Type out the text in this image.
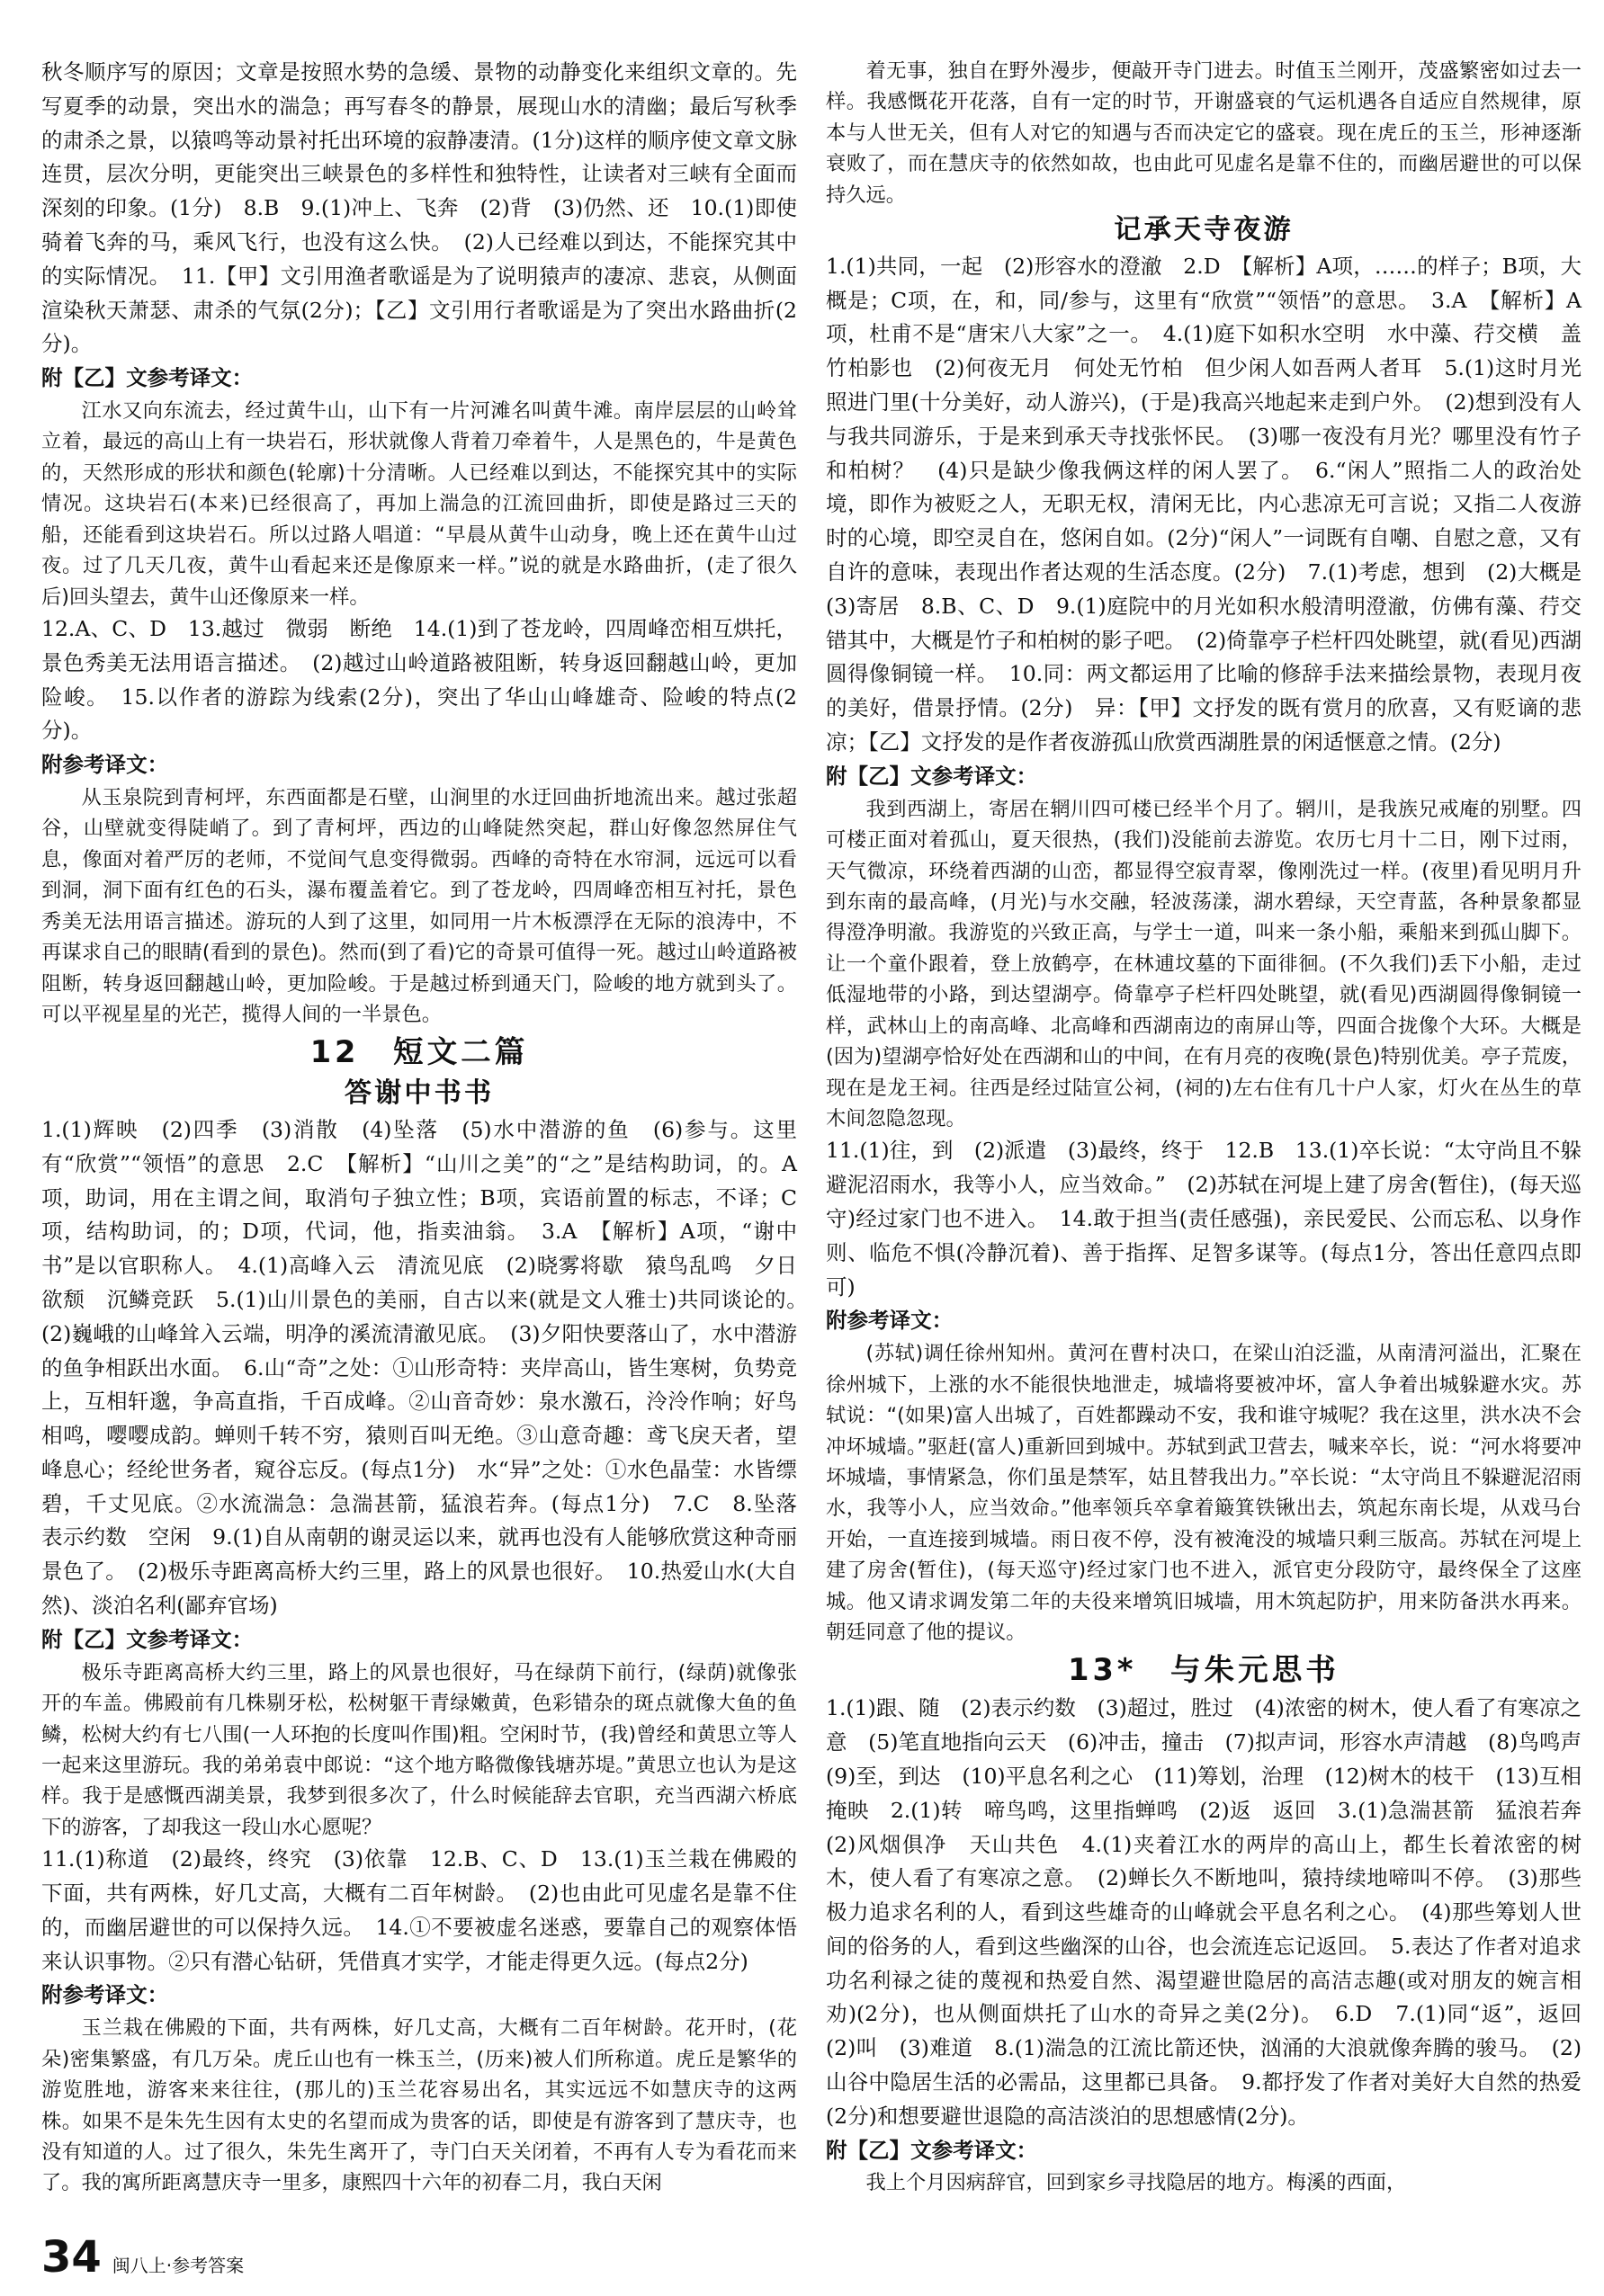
秋冬顺序写的原因；文章是按照水势的急缓、景物的动静变化来组织文章的。先写夏季的动景，突出水的湍急；再写春冬的静景，展现山水的清幽；最后写秋季的肃杀之景，以猿鸣等动景衬托出环境的寂静凄清。(1分)这样的顺序使文章文脉连贯，层次分明，更能突出三峡景色的多样性和独特性，让读者对三峡有全面而深刻的印象。(1分)　8.B　9.(1)冲上、飞奔　(2)背　(3)仍然、还　10.(1)即使骑着飞奔的马，乘风飞行，也没有这么快。　(2)人已经难以到达，不能探究其中的实际情况。　11.【甲】文引用渔者歌谣是为了说明猿声的凄凉、悲哀，从侧面渲染秋天萧瑟、肃杀的气氛(2分)；【乙】文引用行者歌谣是为了突出水路曲折(2分)。

附【乙】文参考译文：

江水又向东流去，经过黄牛山，山下有一片河滩名叫黄牛滩。南岸层层的山岭耸立着，最远的高山上有一块岩石，形状就像人背着刀牵着牛，人是黑色的，牛是黄色的，天然形成的形状和颜色(轮廓)十分清晰。人已经难以到达，不能探究其中的实际情况。这块岩石(本来)已经很高了，再加上湍急的江流回曲折，即使是路过三天的船，还能看到这块岩石。所以过路人唱道：“早晨从黄牛山动身，晚上还在黄牛山过夜。过了几天几夜，黄牛山看起来还是像原来一样。”说的就是水路曲折，(走了很久后)回头望去，黄牛山还像原来一样。

12.A、C、D　13.越过　微弱　断绝　14.(1)到了苍龙岭，四周峰峦相互烘托，景色秀美无法用语言描述。　(2)越过山岭道路被阻断，转身返回翻越山岭，更加险峻。　15.以作者的游踪为线索(2分)，突出了华山山峰雄奇、险峻的特点(2分)。

附参考译文：

从玉泉院到青柯坪，东西面都是石壁，山涧里的水迂回曲折地流出来。越过张超谷，山壁就变得陡峭了。到了青柯坪，西边的山峰陡然突起，群山好像忽然屏住气息，像面对着严厉的老师，不觉间气息变得微弱。西峰的奇特在水帘洞，远远可以看到洞，洞下面有红色的石头，瀑布覆盖着它。到了苍龙岭，四周峰峦相互衬托，景色秀美无法用语言描述。游玩的人到了这里，如同用一片木板漂浮在无际的浪涛中，不再谋求自己的眼睛(看到的景色)。然而(到了看)它的奇景可值得一死。越过山岭道路被阻断，转身返回翻越山岭，更加险峻。于是越过桥到通天门，险峻的地方就到头了。可以平视星星的光芒，揽得人间的一半景色。

12　短文二篇

答谢中书书

1.(1)辉映　(2)四季　(3)消散　(4)坠落　(5)水中潜游的鱼　(6)参与。这里有“欣赏”“领悟”的意思　2.C　【解析】“山川之美”的“之”是结构助词，的。A项，助词，用在主谓之间，取消句子独立性；B项，宾语前置的标志，不译；C项，结构助词，的；D项，代词，他，指卖油翁。　3.A　【解析】A项，“谢中书”是以官职称人。　4.(1)高峰入云　清流见底　(2)晓雾将歇　猿鸟乱鸣　夕日欲颓　沉鳞竞跃　5.(1)山川景色的美丽，自古以来(就是文人雅士)共同谈论的。　(2)巍峨的山峰耸入云端，明净的溪流清澈见底。　(3)夕阳快要落山了，水中潜游的鱼争相跃出水面。　6.山“奇”之处：①山形奇特：夹岸高山，皆生寒树，负势竞上，互相轩邈，争高直指，千百成峰。②山音奇妙：泉水激石，泠泠作响；好鸟相鸣，嘤嘤成韵。蝉则千转不穷，猿则百叫无绝。③山意奇趣：鸢飞戾天者，望峰息心；经纶世务者，窥谷忘反。(每点1分)　水“异”之处：①水色晶莹：水皆缥碧，千丈见底。②水流湍急：急湍甚箭，猛浪若奔。(每点1分)　7.C　8.坠落　表示约数　空闲　9.(1)自从南朝的谢灵运以来，就再也没有人能够欣赏这种奇丽景色了。　(2)极乐寺距离高桥大约三里，路上的风景也很好。　10.热爱山水(大自然)、淡泊名利(鄙弃官场)

附【乙】文参考译文：

极乐寺距离高桥大约三里，路上的风景也很好，马在绿荫下前行，(绿荫)就像张开的车盖。佛殿前有几株剔牙松，松树躯干青绿嫩黄，色彩错杂的斑点就像大鱼的鱼鳞，松树大约有七八围(一人环抱的长度叫作围)粗。空闲时节，(我)曾经和黄思立等人一起来这里游玩。我的弟弟袁中郎说：“这个地方略微像钱塘苏堤。”黄思立也认为是这样。我于是感慨西湖美景，我梦到很多次了，什么时候能辞去官职，充当西湖六桥底下的游客，了却我这一段山水心愿呢？

11.(1)称道　(2)最终，终究　(3)依靠　12.B、C、D　13.(1)玉兰栽在佛殿的下面，共有两株，好几丈高，大概有二百年树龄。　(2)也由此可见虚名是靠不住的，而幽居避世的可以保持久远。　14.①不要被虚名迷惑，要靠自己的观察体悟来认识事物。②只有潜心钻研，凭借真才实学，才能走得更久远。(每点2分)

附参考译文：

玉兰栽在佛殿的下面，共有两株，好几丈高，大概有二百年树龄。花开时，(花朵)密集繁盛，有几万朵。虎丘山也有一株玉兰，(历来)被人们所称道。虎丘是繁华的游览胜地，游客来来往往，(那儿的)玉兰花容易出名，其实远远不如慧庆寺的这两株。如果不是朱先生因有太史的名望而成为贵客的话，即使是有游客到了慧庆寺，也没有知道的人。过了很久，朱先生离开了，寺门白天关闭着，不再有人专为看花而来了。我的寓所距离慧庆寺一里多，康熙四十六年的初春二月，我白天闲

着无事，独自在野外漫步，便敲开寺门进去。时值玉兰刚开，茂盛繁密如过去一样。我感慨花开花落，自有一定的时节，开谢盛衰的气运机遇各自适应自然规律，原本与人世无关，但有人对它的知遇与否而决定它的盛衰。现在虎丘的玉兰，形神逐渐衰败了，而在慧庆寺的依然如故，也由此可见虚名是靠不住的，而幽居避世的可以保持久远。

记承天寺夜游

1.(1)共同，一起　(2)形容水的澄澈　2.D　【解析】A项，……的样子；B项，大概是；C项，在，和，同/参与，这里有“欣赏”“领悟”的意思。　3.A　【解析】A项，杜甫不是“唐宋八大家”之一。　4.(1)庭下如积水空明　水中藻、荇交横　盖竹柏影也　(2)何夜无月　何处无竹柏　但少闲人如吾两人者耳　5.(1)这时月光照进门里(十分美好，动人游兴)，(于是)我高兴地起来走到户外。　(2)想到没有人与我共同游乐，于是来到承天寺找张怀民。　(3)哪一夜没有月光？哪里没有竹子和柏树？　(4)只是缺少像我俩这样的闲人罢了。　6.“闲人”照指二人的政治处境，即作为被贬之人，无职无权，清闲无比，内心悲凉无可言说；又指二人夜游时的心境，即空灵自在，悠闲自如。(2分)“闲人”一词既有自嘲、自慰之意，又有自许的意味，表现出作者达观的生活态度。(2分)　7.(1)考虑，想到　(2)大概是　(3)寄居　8.B、C、D　9.(1)庭院中的月光如积水般清明澄澈，仿佛有藻、荇交错其中，大概是竹子和柏树的影子吧。　(2)倚靠亭子栏杆四处眺望，就(看见)西湖圆得像铜镜一样。　10.同：两文都运用了比喻的修辞手法来描绘景物，表现月夜的美好，借景抒情。(2分)　异：【甲】文抒发的既有赏月的欣喜，又有贬谪的悲凉；【乙】文抒发的是作者夜游孤山欣赏西湖胜景的闲适惬意之情。(2分)

附【乙】文参考译文：

我到西湖上，寄居在辋川四可楼已经半个月了。辋川，是我族兄戒庵的别墅。四可楼正面对着孤山，夏天很热，(我们)没能前去游览。农历七月十二日，刚下过雨，天气微凉，环绕着西湖的山峦，都显得空寂青翠，像刚洗过一样。(夜里)看见明月升到东南的最高峰，(月光)与水交融，轻波荡漾，湖水碧绿，天空青蓝，各种景象都显得澄净明澈。我游览的兴致正高，与学士一道，叫来一条小船，乘船来到孤山脚下。让一个童仆跟着，登上放鹤亭，在林逋坟墓的下面徘徊。(不久我们)丢下小船，走过低湿地带的小路，到达望湖亭。倚靠亭子栏杆四处眺望，就(看见)西湖圆得像铜镜一样，武林山上的南高峰、北高峰和西湖南边的南屏山等，四面合拢像个大环。大概是(因为)望湖亭恰好处在西湖和山的中间，在有月亮的夜晚(景色)特别优美。亭子荒废，现在是龙王祠。往西是经过陆宣公祠，(祠的)左右住有几十户人家，灯火在丛生的草木间忽隐忽现。

11.(1)往，到　(2)派遣　(3)最终，终于　12.B　13.(1)卒长说：“太守尚且不躲避泥沼雨水，我等小人，应当效命。”　(2)苏轼在河堤上建了房舍(暂住)，(每天巡守)经过家门也不进入。　14.敢于担当(责任感强)，亲民爱民、公而忘私、以身作则、临危不惧(冷静沉着)、善于指挥、足智多谋等。(每点1分，答出任意四点即可)

附参考译文：

(苏轼)调任徐州知州。黄河在曹村决口，在梁山泊泛滥，从南清河溢出，汇聚在徐州城下，上涨的水不能很快地泄走，城墙将要被冲坏，富人争着出城躲避水灾。苏轼说：“(如果)富人出城了，百姓都躁动不安，我和谁守城呢？我在这里，洪水决不会冲坏城墙。”驱赶(富人)重新回到城中。苏轼到武卫营去，喊来卒长，说：“河水将要冲坏城墙，事情紧急，你们虽是禁军，姑且替我出力。”卒长说：“太守尚且不躲避泥沼雨水，我等小人，应当效命。”他率领兵卒拿着簸箕铁锹出去，筑起东南长堤，从戏马台开始，一直连接到城墙。雨日夜不停，没有被淹没的城墙只剩三版高。苏轼在河堤上建了房舍(暂住)，(每天巡守)经过家门也不进入，派官吏分段防守，最终保全了这座城。他又请求调发第二年的夫役来增筑旧城墙，用木筑起防护，用来防备洪水再来。朝廷同意了他的提议。

13*　与朱元思书

1.(1)跟、随　(2)表示约数　(3)超过，胜过　(4)浓密的树木，使人看了有寒凉之意　(5)笔直地指向云天　(6)冲击，撞击　(7)拟声词，形容水声清越　(8)鸟鸣声　(9)至，到达　(10)平息名利之心　(11)筹划，治理　(12)树木的枝干　(13)互相掩映　2.(1)转　啼鸟鸣，这里指蝉鸣　(2)返　返回　3.(1)急湍甚箭　猛浪若奔　(2)风烟俱净　天山共色　4.(1)夹着江水的两岸的高山上，都生长着浓密的树木，使人看了有寒凉之意。　(2)蝉长久不断地叫，猿持续地啼叫不停。　(3)那些极力追求名利的人，看到这些雄奇的山峰就会平息名利之心。　(4)那些筹划人世间的俗务的人，看到这些幽深的山谷，也会流连忘记返回。　5.表达了作者对追求功名利禄之徒的蔑视和热爱自然、渴望避世隐居的高洁志趣(或对朋友的婉言相劝)(2分)，也从侧面烘托了山水的奇异之美(2分)。　6.D　7.(1)同“返”，返回　(2)叫　(3)难道　8.(1)湍急的江流比箭还快，汹涌的大浪就像奔腾的骏马。　(2)山谷中隐居生活的必需品，这里都已具备。　9.都抒发了作者对美好大自然的热爱(2分)和想要避世退隐的高洁淡泊的思想感情(2分)。

附【乙】文参考译文：

我上个月因病辞官，回到家乡寻找隐居的地方。梅溪的西面，

34 闽八上·参考答案
